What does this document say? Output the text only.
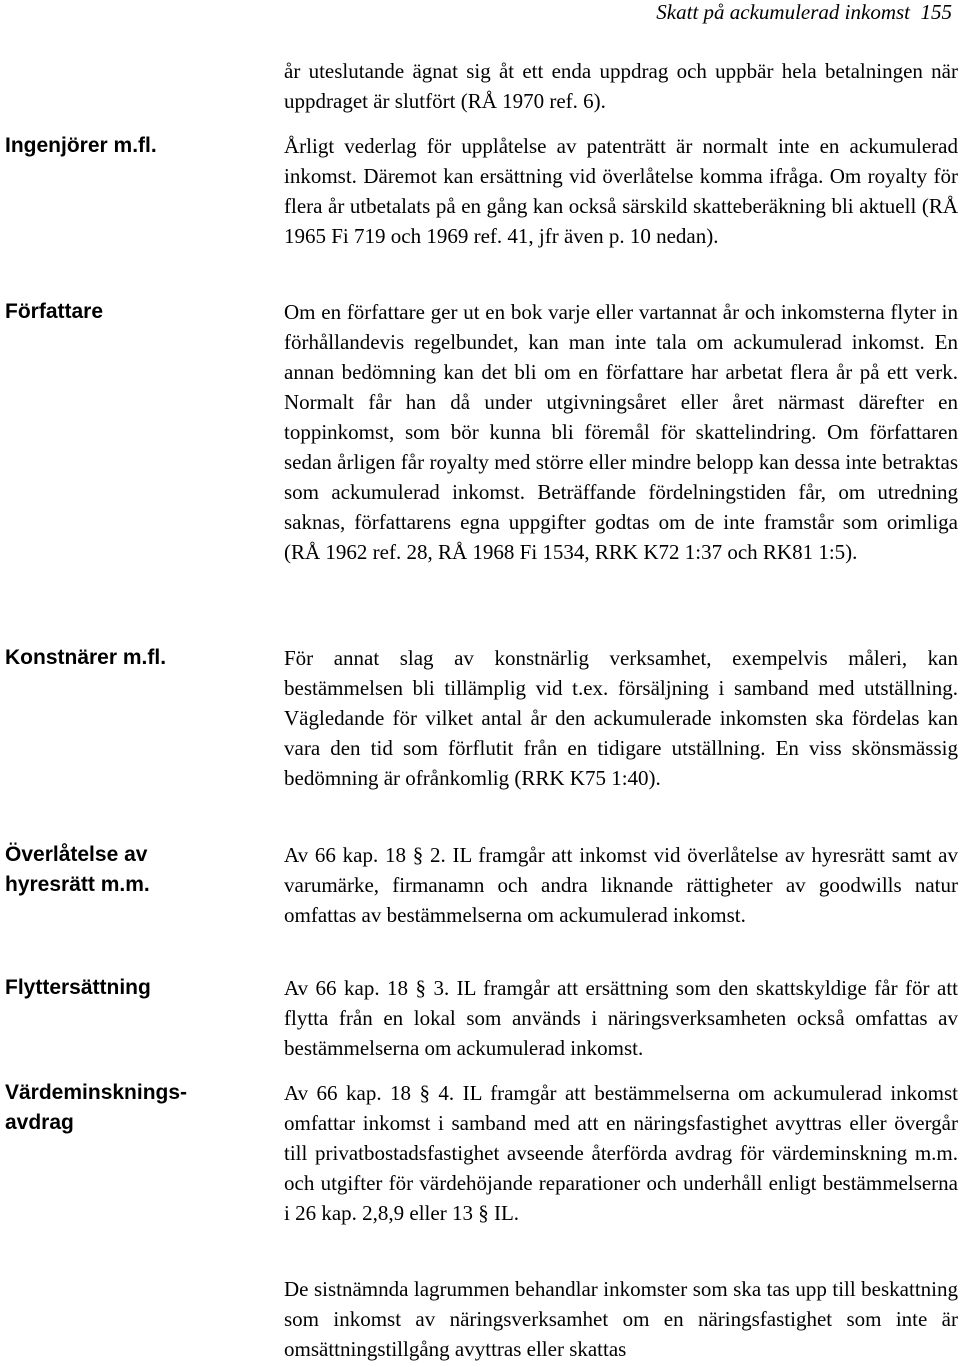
Skatt på ackumulerad inkomst 155
Ingenjörer m.fl.
Författare
Konstnärer m.fl.
Överlåtelse av
hyresrätt m.m.
Flyttersättning
Värdeminsknings-
avdrag
år uteslutande ägnat sig åt ett enda uppdrag och uppbär hela betalningen när uppdraget är slutfört (RÅ 1970 ref. 6).
Årligt vederlag för upplåtelse av patenträtt är normalt inte en ackumulerad inkomst. Däremot kan ersättning vid överlåtelse komma ifråga. Om royalty för flera år utbetalats på en gång kan också särskild skatteberäkning bli aktuell (RÅ 1965 Fi 719 och 1969 ref. 41, jfr även p. 10 nedan).
Om en författare ger ut en bok varje eller vartannat år och inkomsterna flyter in förhållandevis regelbundet, kan man inte tala om ackumulerad inkomst. En annan bedömning kan det bli om en författare har arbetat flera år på ett verk. Normalt får han då under utgivningsåret eller året närmast därefter en toppinkomst, som bör kunna bli föremål för skattelindring. Om författaren sedan årligen får royalty med större eller mindre belopp kan dessa inte betraktas som ackumulerad inkomst. Beträffande fördelningstiden får, om utredning saknas, författarens egna uppgifter godtas om de inte framstår som orimliga (RÅ 1962 ref. 28, RÅ 1968 Fi 1534, RRK K72 1:37 och RK81 1:5).
För annat slag av konstnärlig verksamhet, exempelvis måleri, kan bestämmelsen bli tillämplig vid t.ex. försäljning i samband med utställning. Vägledande för vilket antal år den ackumulerade inkomsten ska fördelas kan vara den tid som förflutit från en tidigare utställning. En viss skönsmässig bedömning är ofrånkomlig (RRK K75 1:40).
Av 66 kap. 18 § 2. IL framgår att inkomst vid överlåtelse av hyresrätt samt av varumärke, firmanamn och andra liknande rättigheter av goodwills natur omfattas av bestämmelserna om ackumulerad inkomst.
Av 66 kap. 18 § 3. IL framgår att ersättning som den skattskyldige får för att flytta från en lokal som används i näringsverksamheten också omfattas av bestämmelserna om ackumulerad inkomst.
Av 66 kap. 18 § 4. IL framgår att bestämmelserna om ackumulerad inkomst omfattar inkomst i samband med att en näringsfastighet avyttras eller övergår till privatbostadsfastighet avseende återförda avdrag för värdeminskning m.m. och utgifter för värdehöjande reparationer och underhåll enligt bestämmelserna i 26 kap. 2,8,9 eller 13 § IL.
De sistnämnda lagrummen behandlar inkomster som ska tas upp till beskattning som inkomst av näringsverksamhet om en näringsfastighet som inte är omsättningstillgång avyttras eller skattas
